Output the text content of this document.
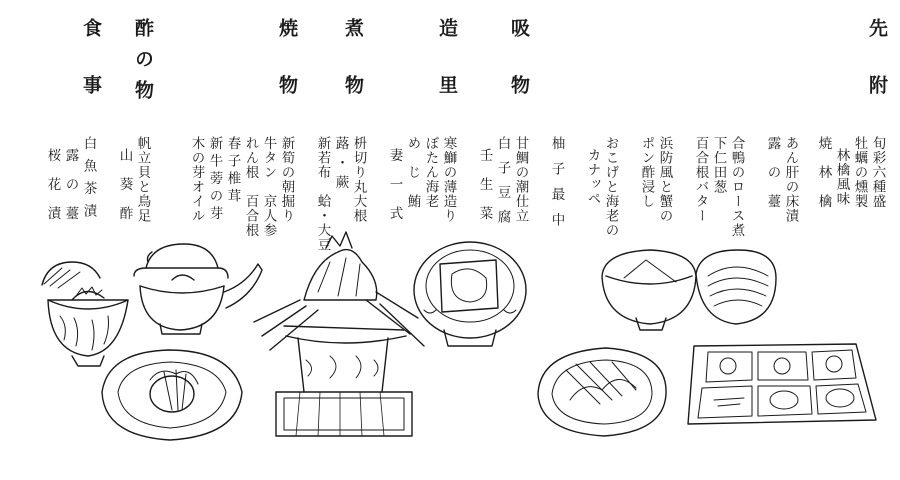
先　　附
吸　　物
造　　里
煮　　物
焼　　物
酢の物
食　　事
旬彩六種盛
牡蠣の燻製
林檎風味
焼　林　檎
あん肝の床漬
露　の　薹
合鴨のロース煮
下仁田葱
百合根バター
浜防風と蟹の
ポン酢浸し
おこげと海老の
カナッペ
柚子最中
甘鯛の潮仕立
白子豆腐
壬　生　菜
寒鰤の薄造り
ぼたん海老
め　じ　鮪
妻　一　式
枡切り丸大根
蕗・蕨
新若布　蛤・大豆
新筍の朝掘り
牛タン　京人参
れん根　百合根
春子椎茸
新牛蒡の芽
木の芽オイル
帆立貝と鳥足
山　葵　酢
白魚茶漬
露　の　薹
桜　花　漬
